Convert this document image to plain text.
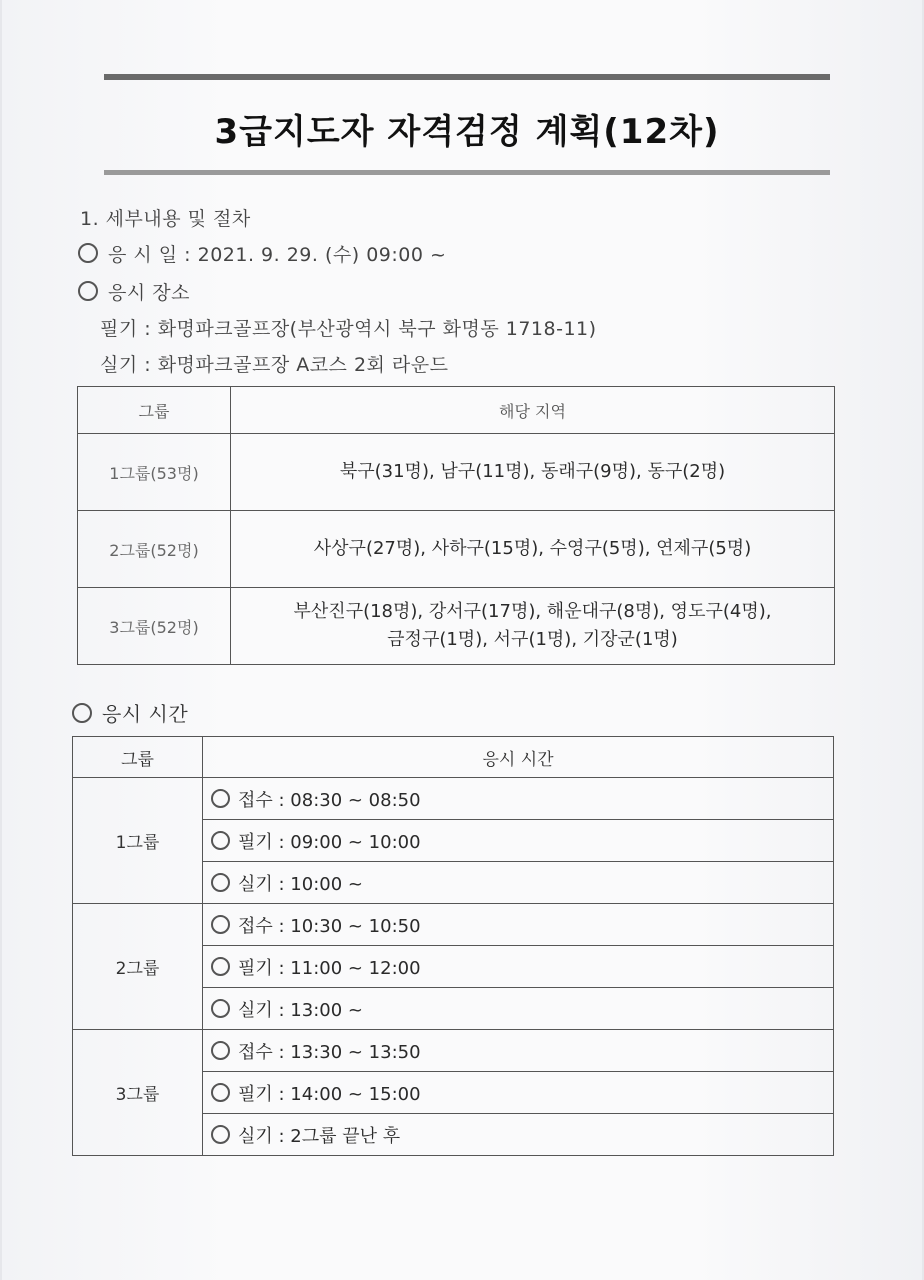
3급지도자 자격검정 계획(12차)
1. 세부내용 및 절차
응 시 일 : 2021. 9. 29. (수) 09:00 ~
응시 장소
필기 : 화명파크골프장(부산광역시 북구 화명동 1718-11)
실기 : 화명파크골프장 A코스 2회 라운드
그룹	해당 지역
1그룹(53명)	북구(31명), 남구(11명), 동래구(9명), 동구(2명)
2그룹(52명)	사상구(27명), 사하구(15명), 수영구(5명), 연제구(5명)
3그룹(52명)	부산진구(18명), 강서구(17명), 해운대구(8명), 영도구(4명),
금정구(1명), 서구(1명), 기장군(1명)
응시 시간
그룹	응시 시간
1그룹	접수 : 08:30 ~ 08:50
	필기 : 09:00 ~ 10:00
	실기 : 10:00 ~
2그룹	접수 : 10:30 ~ 10:50
	필기 : 11:00 ~ 12:00
	실기 : 13:00 ~
3그룹	접수 : 13:30 ~ 13:50
	필기 : 14:00 ~ 15:00
	실기 : 2그룹 끝난 후
